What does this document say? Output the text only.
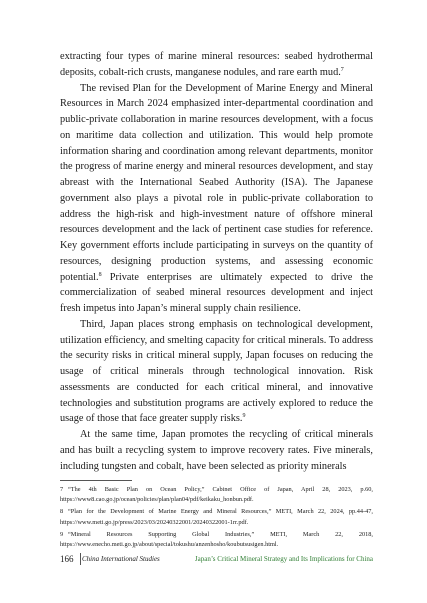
extracting four types of marine mineral resources: seabed hydrothermal deposits, cobalt-rich crusts, manganese nodules, and rare earth mud.$^7$

The revised Plan for the Development of Marine Energy and Mineral Resources in March 2024 emphasized inter-departmental coordination and public-private collaboration in marine resources development, with a focus on maritime data collection and utilization. This would help promote information sharing and coordination among relevant departments, monitor the progress of marine energy and mineral resources development, and stay abreast with the International Seabed Authority (ISA). The Japanese government also plays a pivotal role in public-private collaboration to address the high-risk and high-investment nature of offshore mineral resources development and the lack of pertinent case studies for reference. Key government efforts include participating in surveys on the quantity of resources, designing production systems, and assessing economic potential.$^8$ Private enterprises are ultimately expected to drive the commercialization of seabed mineral resources development and inject fresh impetus into Japan’s mineral supply chain resilience.

Third, Japan places strong emphasis on technological development, utilization efficiency, and smelting capacity for critical minerals. To address the security risks in critical mineral supply, Japan focuses on reducing the usage of critical minerals through technological innovation. Risk assessments are conducted for each critical mineral, and innovative technologies and substitution programs are actively explored to reduce the usage of those that face greater supply risks.$^9$

At the same time, Japan promotes the recycling of critical minerals and has built a recycling system to improve recovery rates. Five minerals, including tungsten and cobalt, have been selected as priority minerals

7 “The 4th Basic Plan on Ocean Policy,” Cabinet Office of Japan, April 28, 2023, p.60, https://www8.cao.go.jp/ocean/policies/plan/plan04/pdf/keikaku_honbun.pdf.

8 “Plan for the Development of Marine Energy and Mineral Resources,” METI, March 22, 2024, pp.44-47, https://www.meti.go.jp/press/2023/03/20240322001/20240322001-1rr.pdf.

9 “Mineral Resources Supporting Global Industries,” METI, March 22, 2018, https://www.enecho.meti.go.jp/about/special/tokushu/anzenhosho/koubutsusigen.html.

166	China International Studies	Japan’s Critical Mineral Strategy and Its Implications for China
